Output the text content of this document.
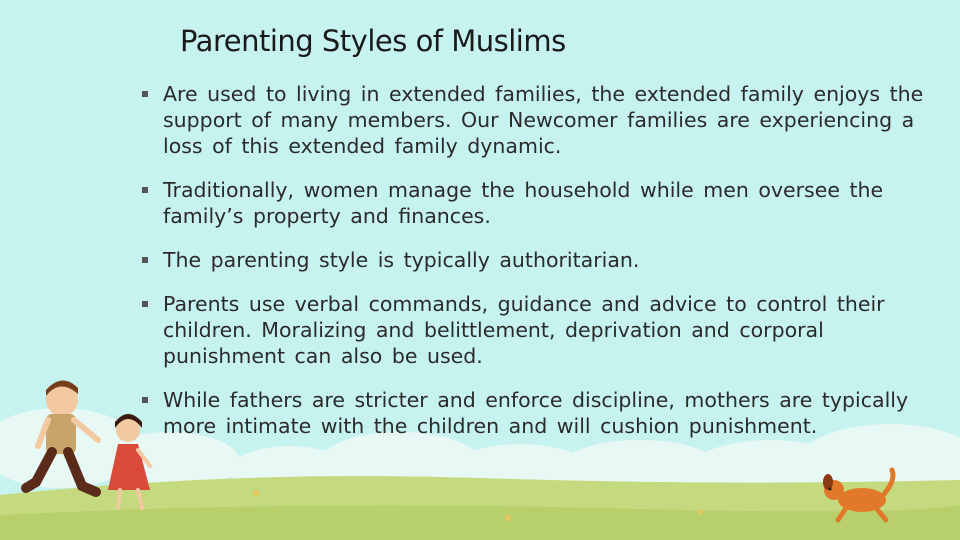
Parenting Styles of Muslims
Are used to living in extended families, the extended family enjoys the support of many members. Our Newcomer families are experiencing a loss of this extended family dynamic.
Traditionally, women manage the household while men oversee the family’s property and finances.
The parenting style is typically authoritarian.
Parents use verbal commands, guidance and advice to control their children. Moralizing and belittlement, deprivation and corporal punishment can also be used.
While fathers are stricter and enforce discipline, mothers are typically more intimate with the children and will cushion punishment.
